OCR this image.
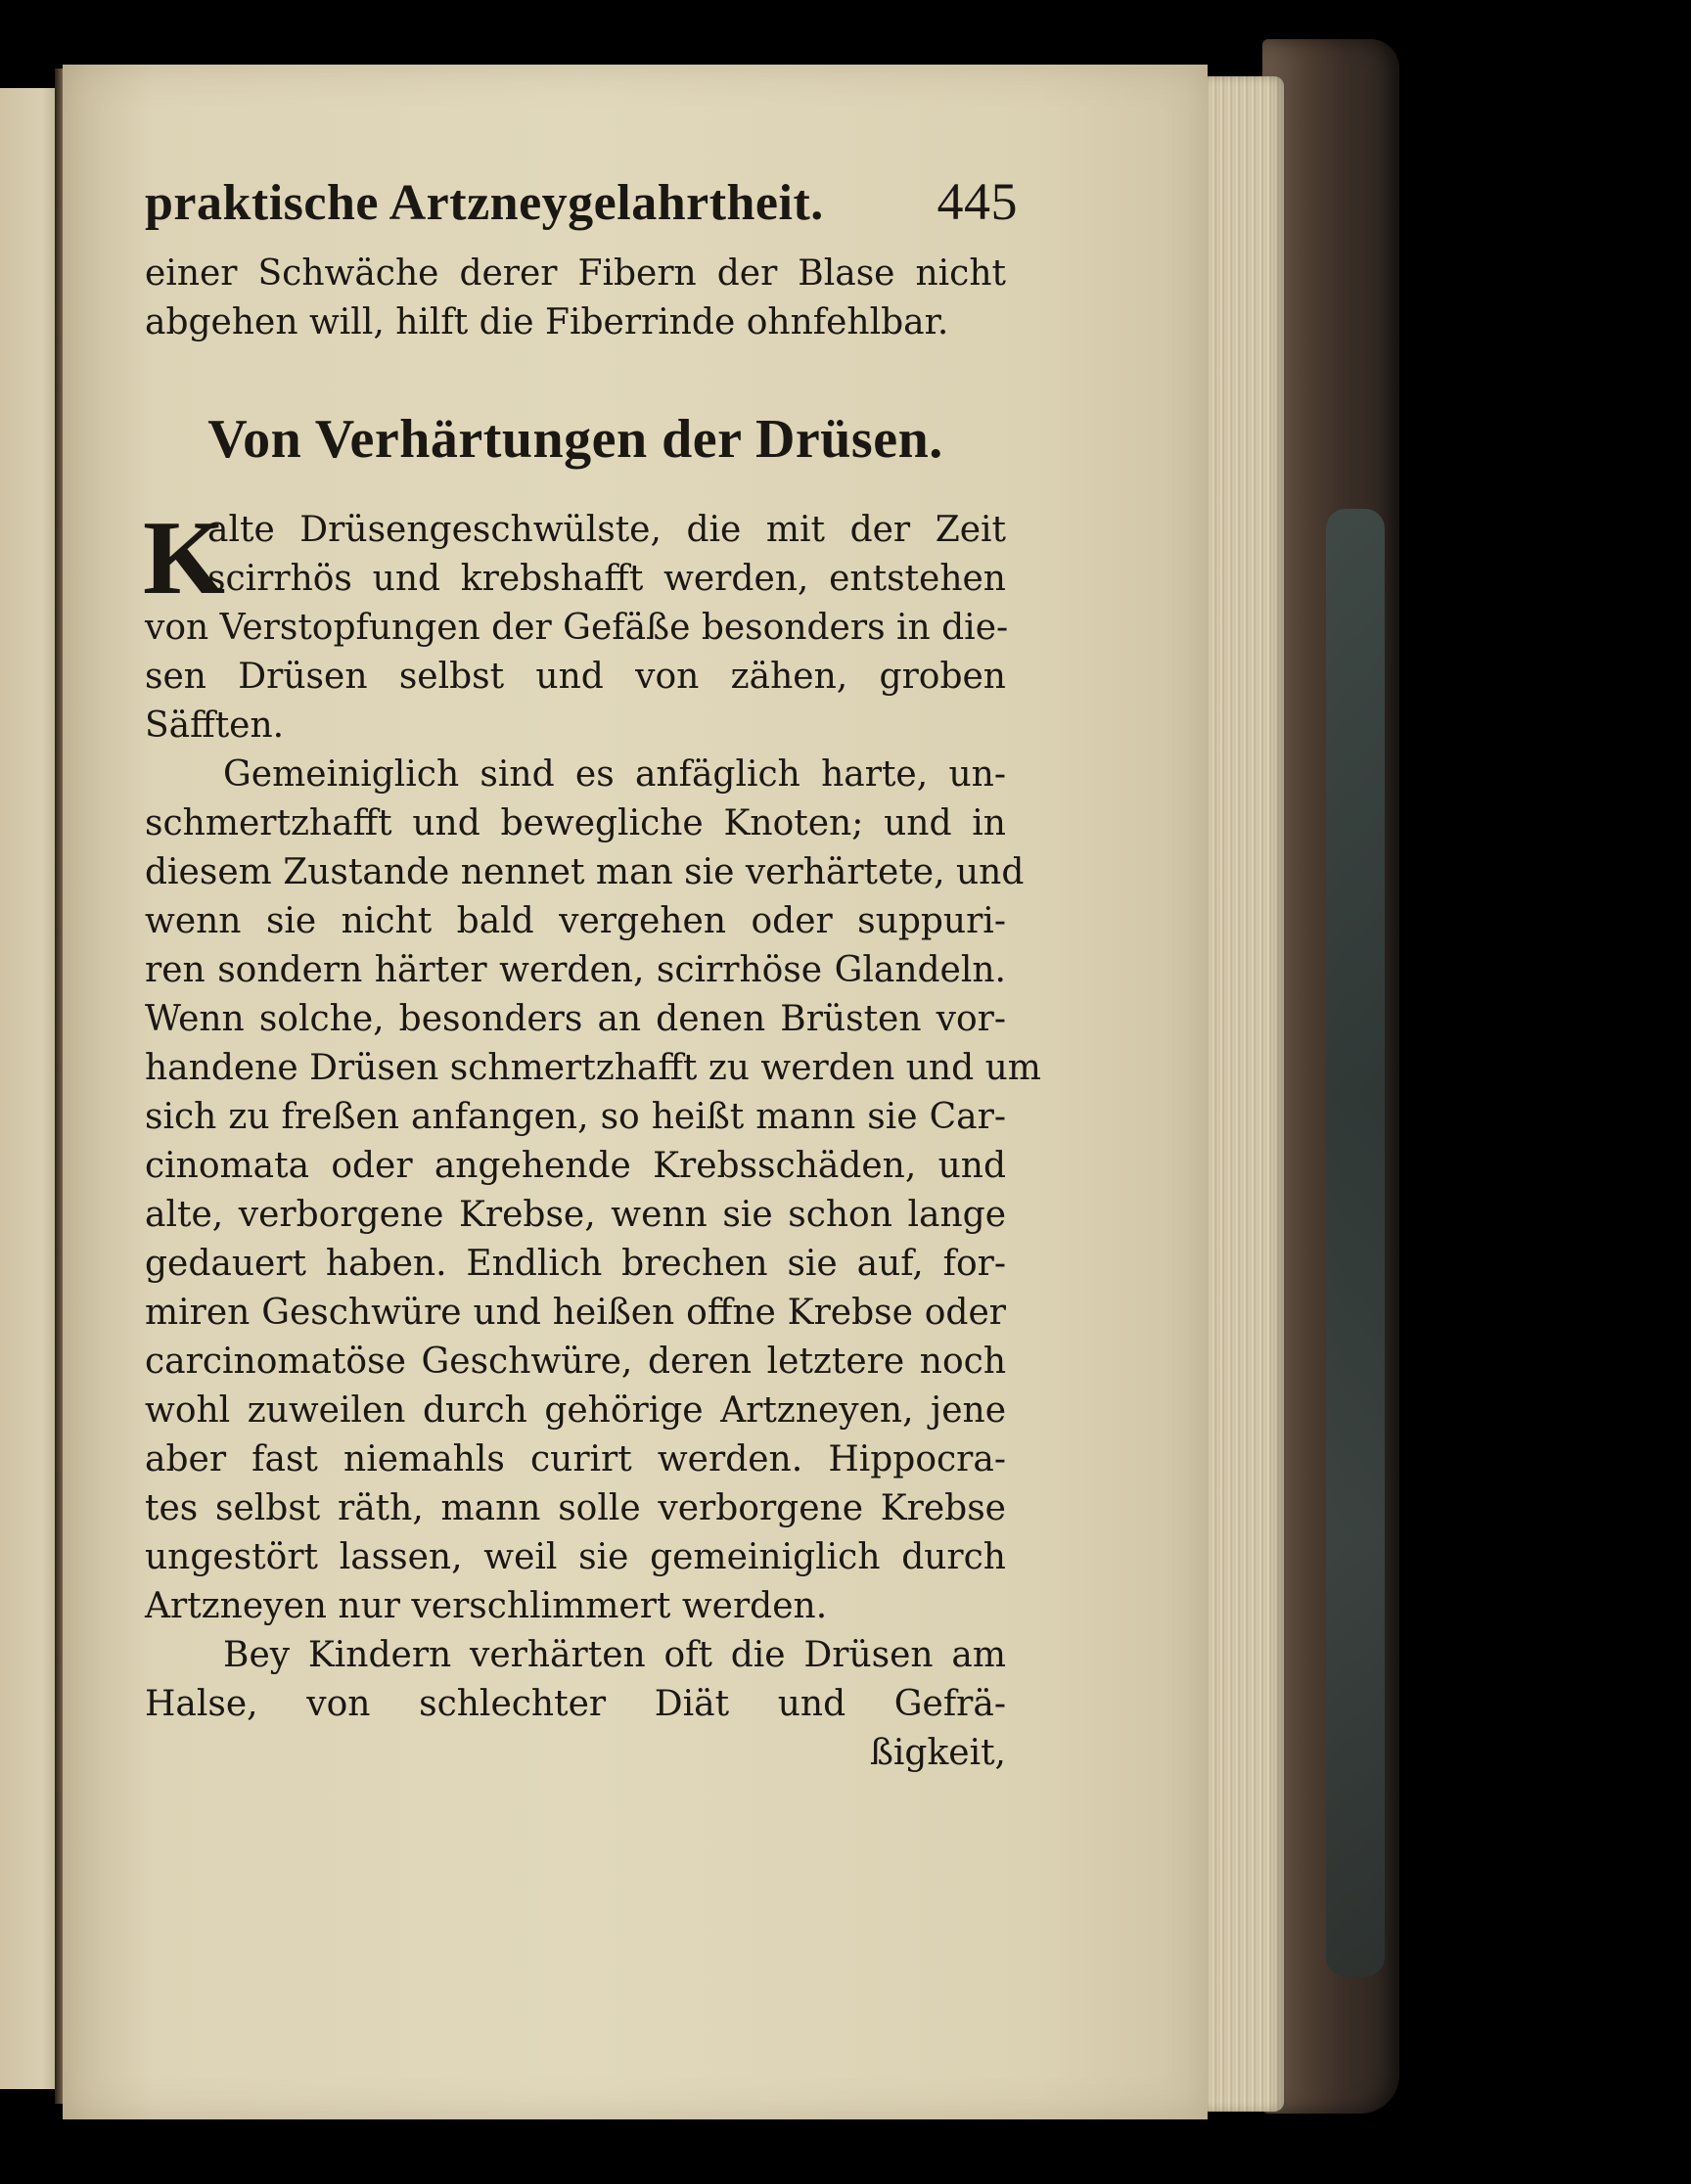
praktische Artzneygelahrtheit. 445
einer Schwäche derer Fibern der Blase nicht
abgehen will, hilft die Fiberrinde ohnfehlbar.
Von Verhärtungen der Drüsen.
K
alte Drüsengeschwülste, die mit der Zeit
scirrhös und krebshafft werden, entstehen
von Verstopfungen der Gefäße besonders in die-
sen Drüsen selbst und von zähen, groben
Säfften.
Gemeiniglich sind es anfäglich harte, un-
schmertzhafft und bewegliche Knoten; und in
diesem Zustande nennet man sie verhärtete, und
wenn sie nicht bald vergehen oder suppuri-
ren sondern härter werden, scirrhöse Glandeln.
Wenn solche, besonders an denen Brüsten vor-
handene Drüsen schmertzhafft zu werden und um
sich zu freßen anfangen, so heißt mann sie Car-
cinomata oder angehende Krebsschäden, und
alte, verborgene Krebse, wenn sie schon lange
gedauert haben. Endlich brechen sie auf, for-
miren Geschwüre und heißen offne Krebse oder
carcinomatöse Geschwüre, deren letztere noch
wohl zuweilen durch gehörige Artzneyen, jene
aber fast niemahls curirt werden. Hippocra-
tes selbst räth, mann solle verborgene Krebse
ungestört lassen, weil sie gemeiniglich durch
Artzneyen nur verschlimmert werden.
Bey Kindern verhärten oft die Drüsen am
Halse, von schlechter Diät und Gefrä-
ßigkeit,
